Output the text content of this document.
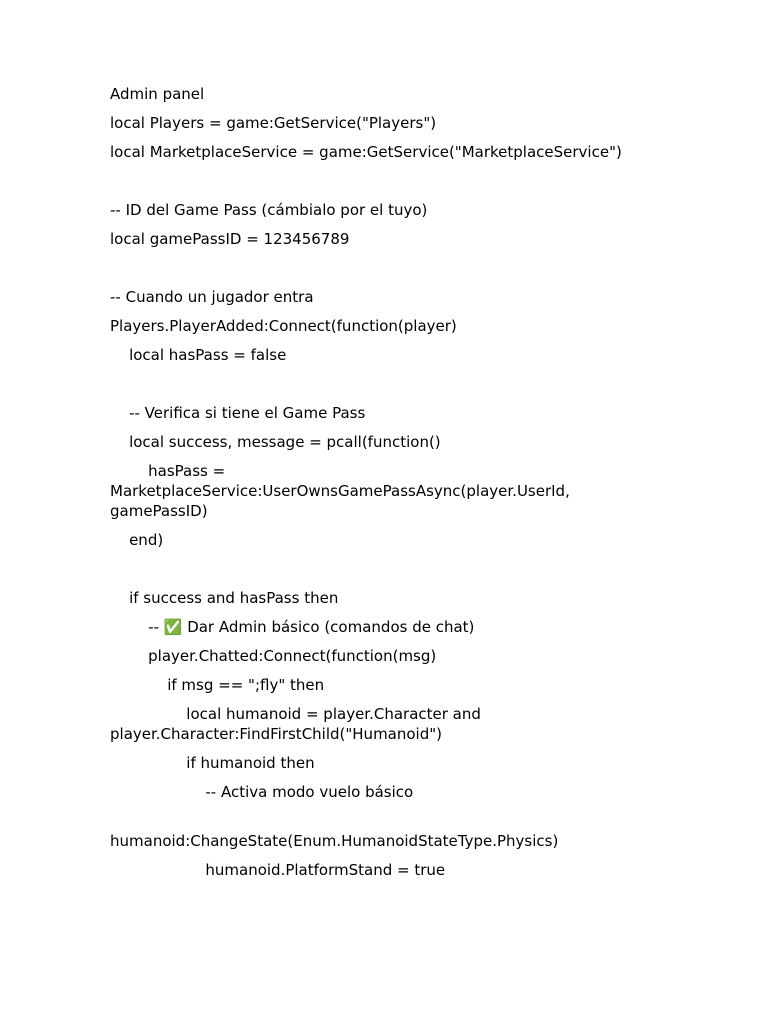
Admin panel
local Players = game:GetService("Players")
local MarketplaceService = game:GetService("MarketplaceService")
-- ID del Game Pass (cámbialo por el tuyo)
local gamePassID = 123456789
-- Cuando un jugador entra
Players.PlayerAdded:Connect(function(player)
local hasPass = false
-- Verifica si tiene el Game Pass
local success, message = pcall(function()
hasPass = MarketplaceService:UserOwnsGamePassAsync(player.UserId, gamePassID)
end)
if success and hasPass then
-- ✅ Dar Admin básico (comandos de chat)
player.Chatted:Connect(function(msg)
if msg == ";fly" then
local humanoid = player.Character and player.Character:FindFirstChild("Humanoid")
if humanoid then
-- Activa modo vuelo básico
humanoid:ChangeState(Enum.HumanoidStateType.Physics)
humanoid.PlatformStand = true
